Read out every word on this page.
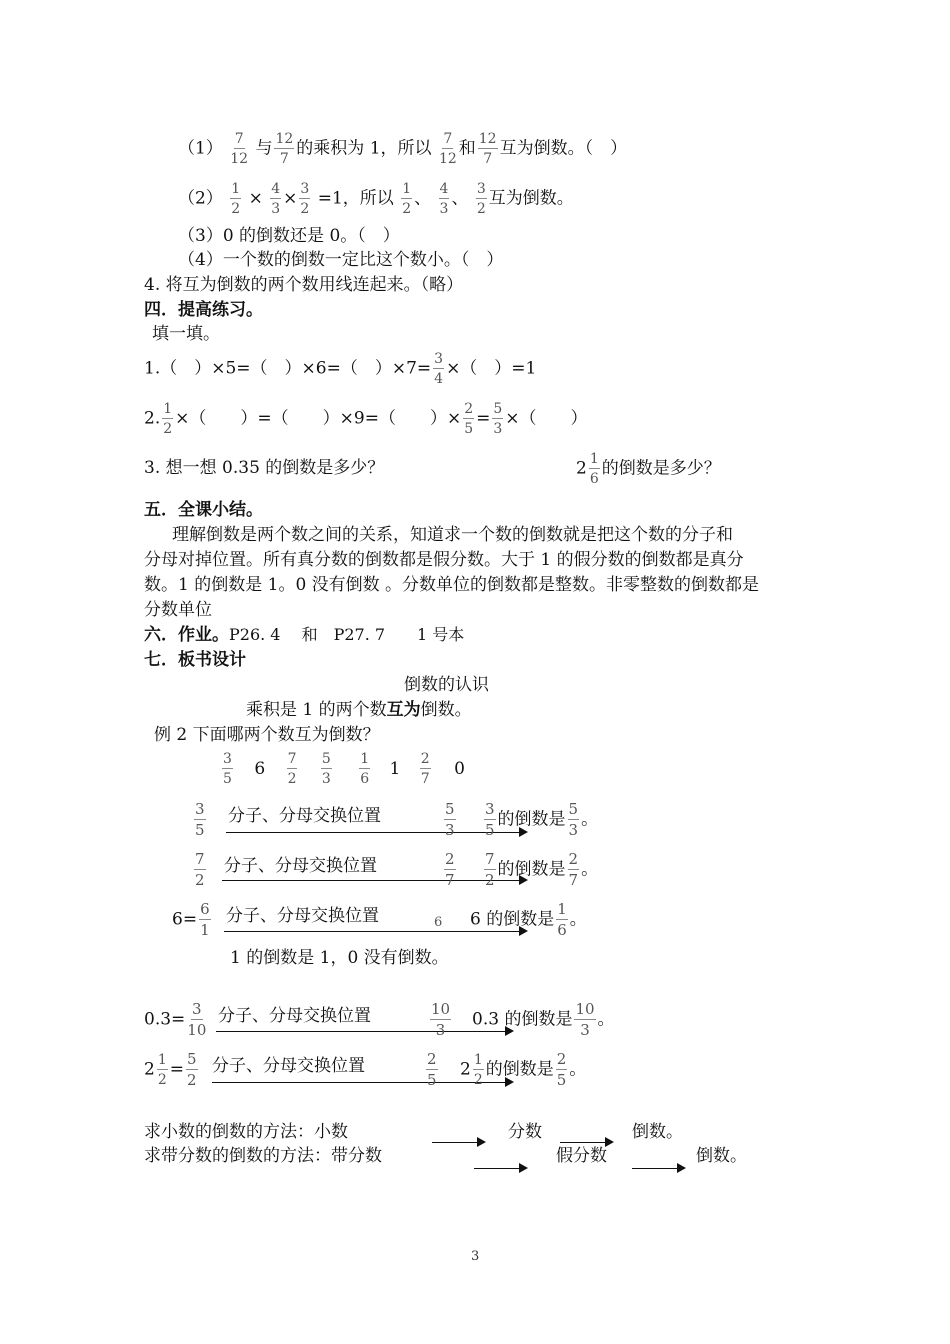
$(1) \frac{7}{12}$ 与 $\frac{12}{7}$ 的乘积为 1，所以 $\frac{7}{12}$ 和 $\frac{12}{7}$ 互为倒数。（　）
$(2) \frac{1}{2} \times \frac{4}{3} \times \frac{3}{2} =1$，所以 $\frac{1}{2}$ 、 $\frac{4}{3}$ 、 $\frac{3}{2}$ 互为倒数。
（3）0 的倒数还是 0。（　）
（4）一个数的倒数一定比这个数小。（　）
4. 将互为倒数的两个数用线连起来。（略）
四．提高练习。
填一填。
1.（　）×5=（　）×6=（　）$\times 7= \frac{3}{4}$ ×（　）=1
2. $\frac{1}{2}$ ×（　　）=（　　）×9=（　　）× $\frac{2}{5} = \frac{5}{3}$ ×（　　）
3. 想一想 0.35 的倒数是多少？	$2 \frac{1}{6}$ 的倒数是多少？
五．全课小结。
理解倒数是两个数之间的关系，知道求一个数的倒数就是把这个数的分子和
分母对掉位置。所有真分数的倒数都是假分数。大于 1 的假分数的倒数都是真分
数。1 的倒数是 1。0 没有倒数 。分数单位的倒数都是整数。非零整数的倒数都是
分数单位
六．作业。P26. 4　 和　P27. 7　　1 号本
七．板书设计
倒数的认识
乘积是 1 的两个数互为倒数。
例 2 下面哪两个数互为倒数？
$\frac{3}{5} 6 \frac{7}{2}$
$\frac{5}{3}$
$\frac{1}{6} 1 \frac{2}{7} 0$
$\frac{3}{5}$ 分子、分母交换位置	$\frac{5}{3} \frac{3}{5}$ 的倒数是 $\frac{5}{3}$ 。
$\frac{7}{2}$ 分子、分母交换位置	$\frac{2}{7} \frac{7}{2}$ 的倒数是 $\frac{2}{7}$ 。
$6= \frac{6}{1}$ 分子、分母交换位置	6 6 的倒数是 $\frac{1}{6}$ 。
1 的倒数是 1，0 没有倒数。
$0.3= \frac{3}{10}$ 分子、分母交换位置	$\frac{10}{3} 0.3$ 的倒数是 $\frac{10}{3}$ 。
$2 \frac{1}{2} = \frac{5}{2}$ 分子、分母交换位置	$\frac{2}{5} 2 \frac{1}{2}$ 的倒数是 $\frac{2}{5}$ 。
求小数的倒数的方法：小数	分数	倒数。
求带分数的倒数的方法：带分数	假分数	倒数。
3
